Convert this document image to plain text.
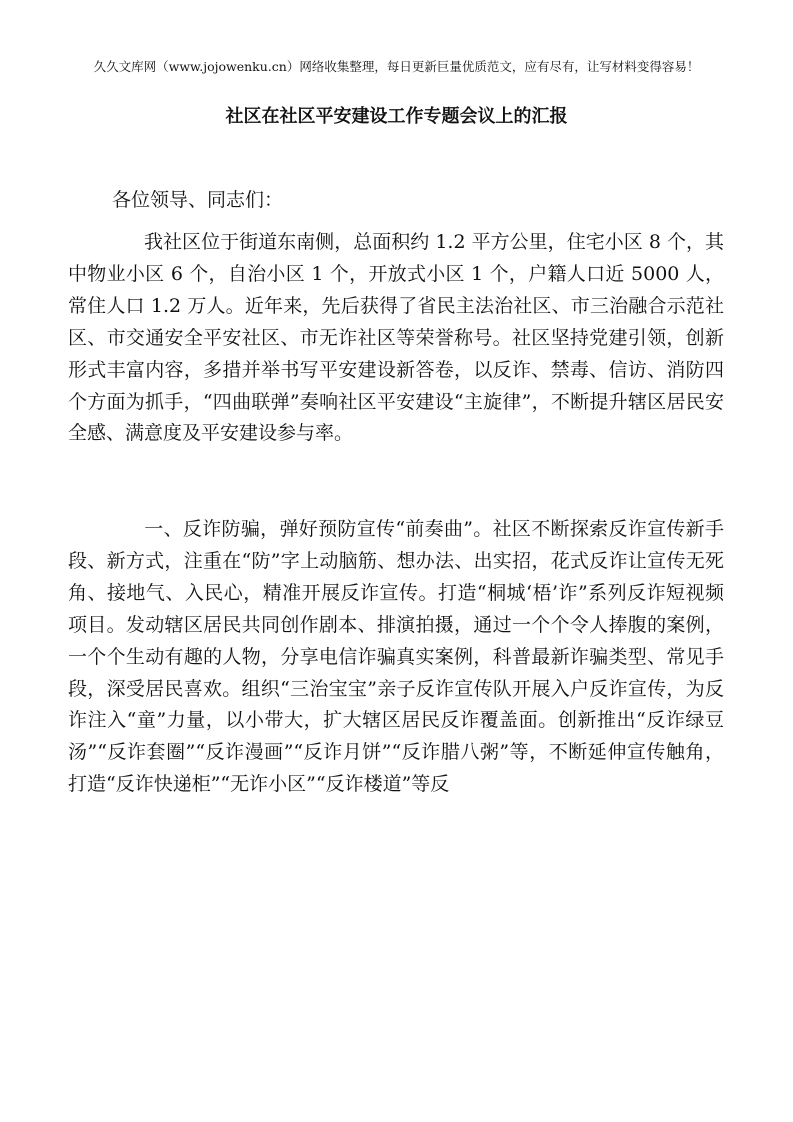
久久文库网（www.jojowenku.cn）网络收集整理，每日更新巨量优质范文，应有尽有，让写材料变得容易！
社区在社区平安建设工作专题会议上的汇报

各位领导、同志们：

我社区位于街道东南侧，总面积约 1.2 平方公里，住宅小区 8 个，其中物业小区 6 个，自治小区 1 个，开放式小区 1 个，户籍人口近 5000 人，常住人口 1.2 万人。近年来，先后获得了省民主法治社区、市三治融合示范社区、市交通安全平安社区、市无诈社区等荣誉称号。社区坚持党建引领，创新形式丰富内容，多措并举书写平安建设新答卷，以反诈、禁毒、信访、消防四个方面为抓手，“四曲联弹”奏响社区平安建设“主旋律”，不断提升辖区居民安全感、满意度及平安建设参与率。

一、反诈防骗，弹好预防宣传“前奏曲”。社区不断探索反诈宣传新手段、新方式，注重在“防”字上动脑筋、想办法、出实招，花式反诈让宣传无死角、接地气、入民心，精准开展反诈宣传。打造“桐城‘梧’诈”系列反诈短视频项目。发动辖区居民共同创作剧本、排演拍摄，通过一个个令人捧腹的案例，一个个生动有趣的人物，分享电信诈骗真实案例，科普最新诈骗类型、常见手段，深受居民喜欢。组织“三治宝宝”亲子反诈宣传队开展入户反诈宣传，为反诈注入“童”力量，以小带大，扩大辖区居民反诈覆盖面。创新推出“反诈绿豆汤”“反诈套圈”“反诈漫画”“反诈月饼”“反诈腊八粥”等，不断延伸宣传触角，打造“反诈快递柜”“无诈小区”“反诈楼道”等反
